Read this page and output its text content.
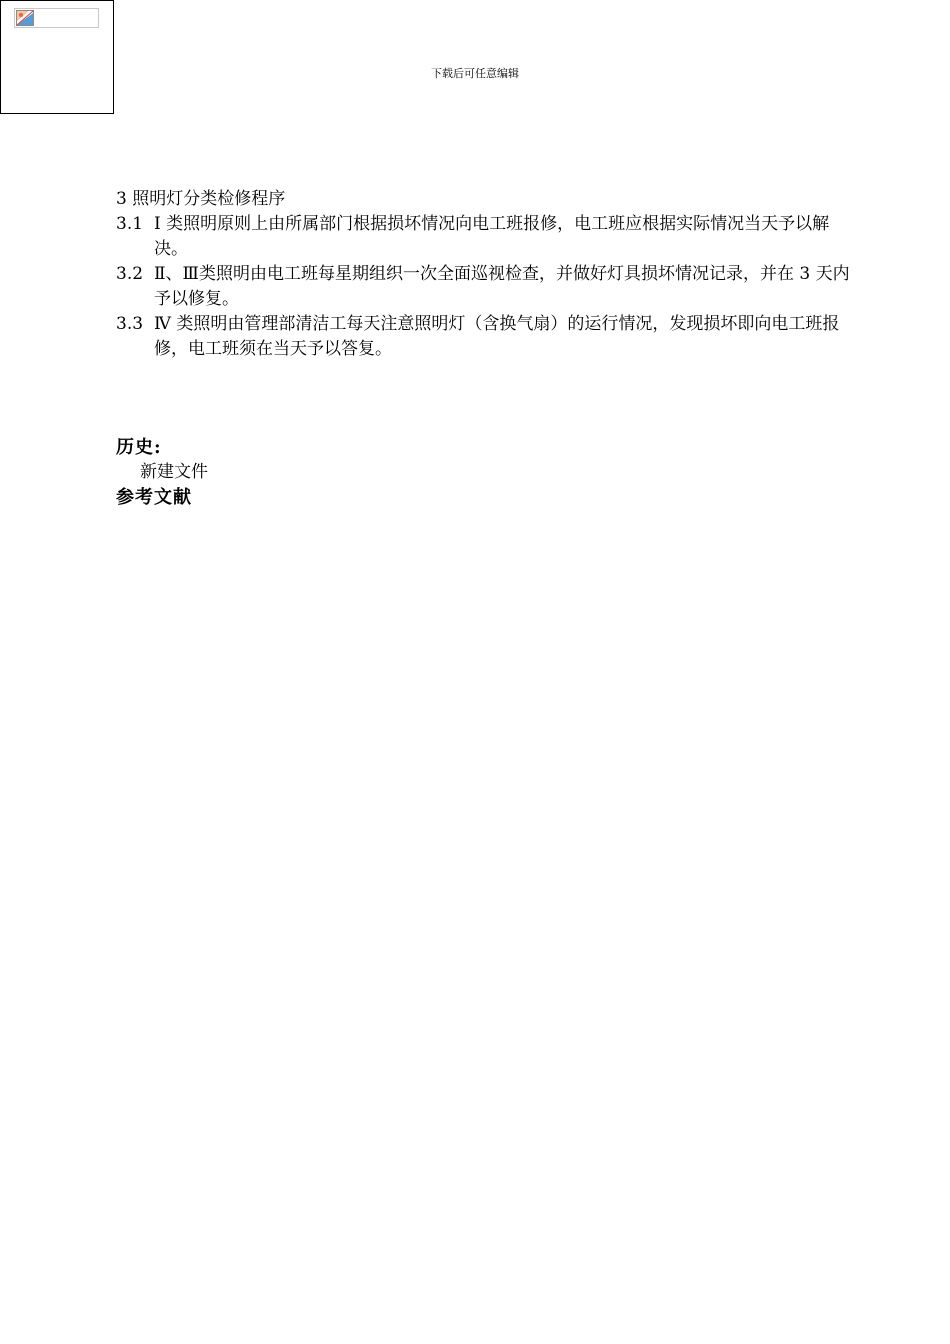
下载后可任意编辑

3 照明灯分类检修程序

3.1 Ⅰ 类照明原则上由所属部门根据损坏情况向电工班报修，电工班应根据实际情况当天予以解决。

3.2 Ⅱ、Ⅲ类照明由电工班每星期组织一次全面巡视检查，并做好灯具损坏情况记录，并在 3 天内予以修复。

3.3 Ⅳ 类照明由管理部清洁工每天注意照明灯（含换气扇）的运行情况，发现损坏即向电工班报修，电工班须在当天予以答复。

历史:

新建文件

参考文献
